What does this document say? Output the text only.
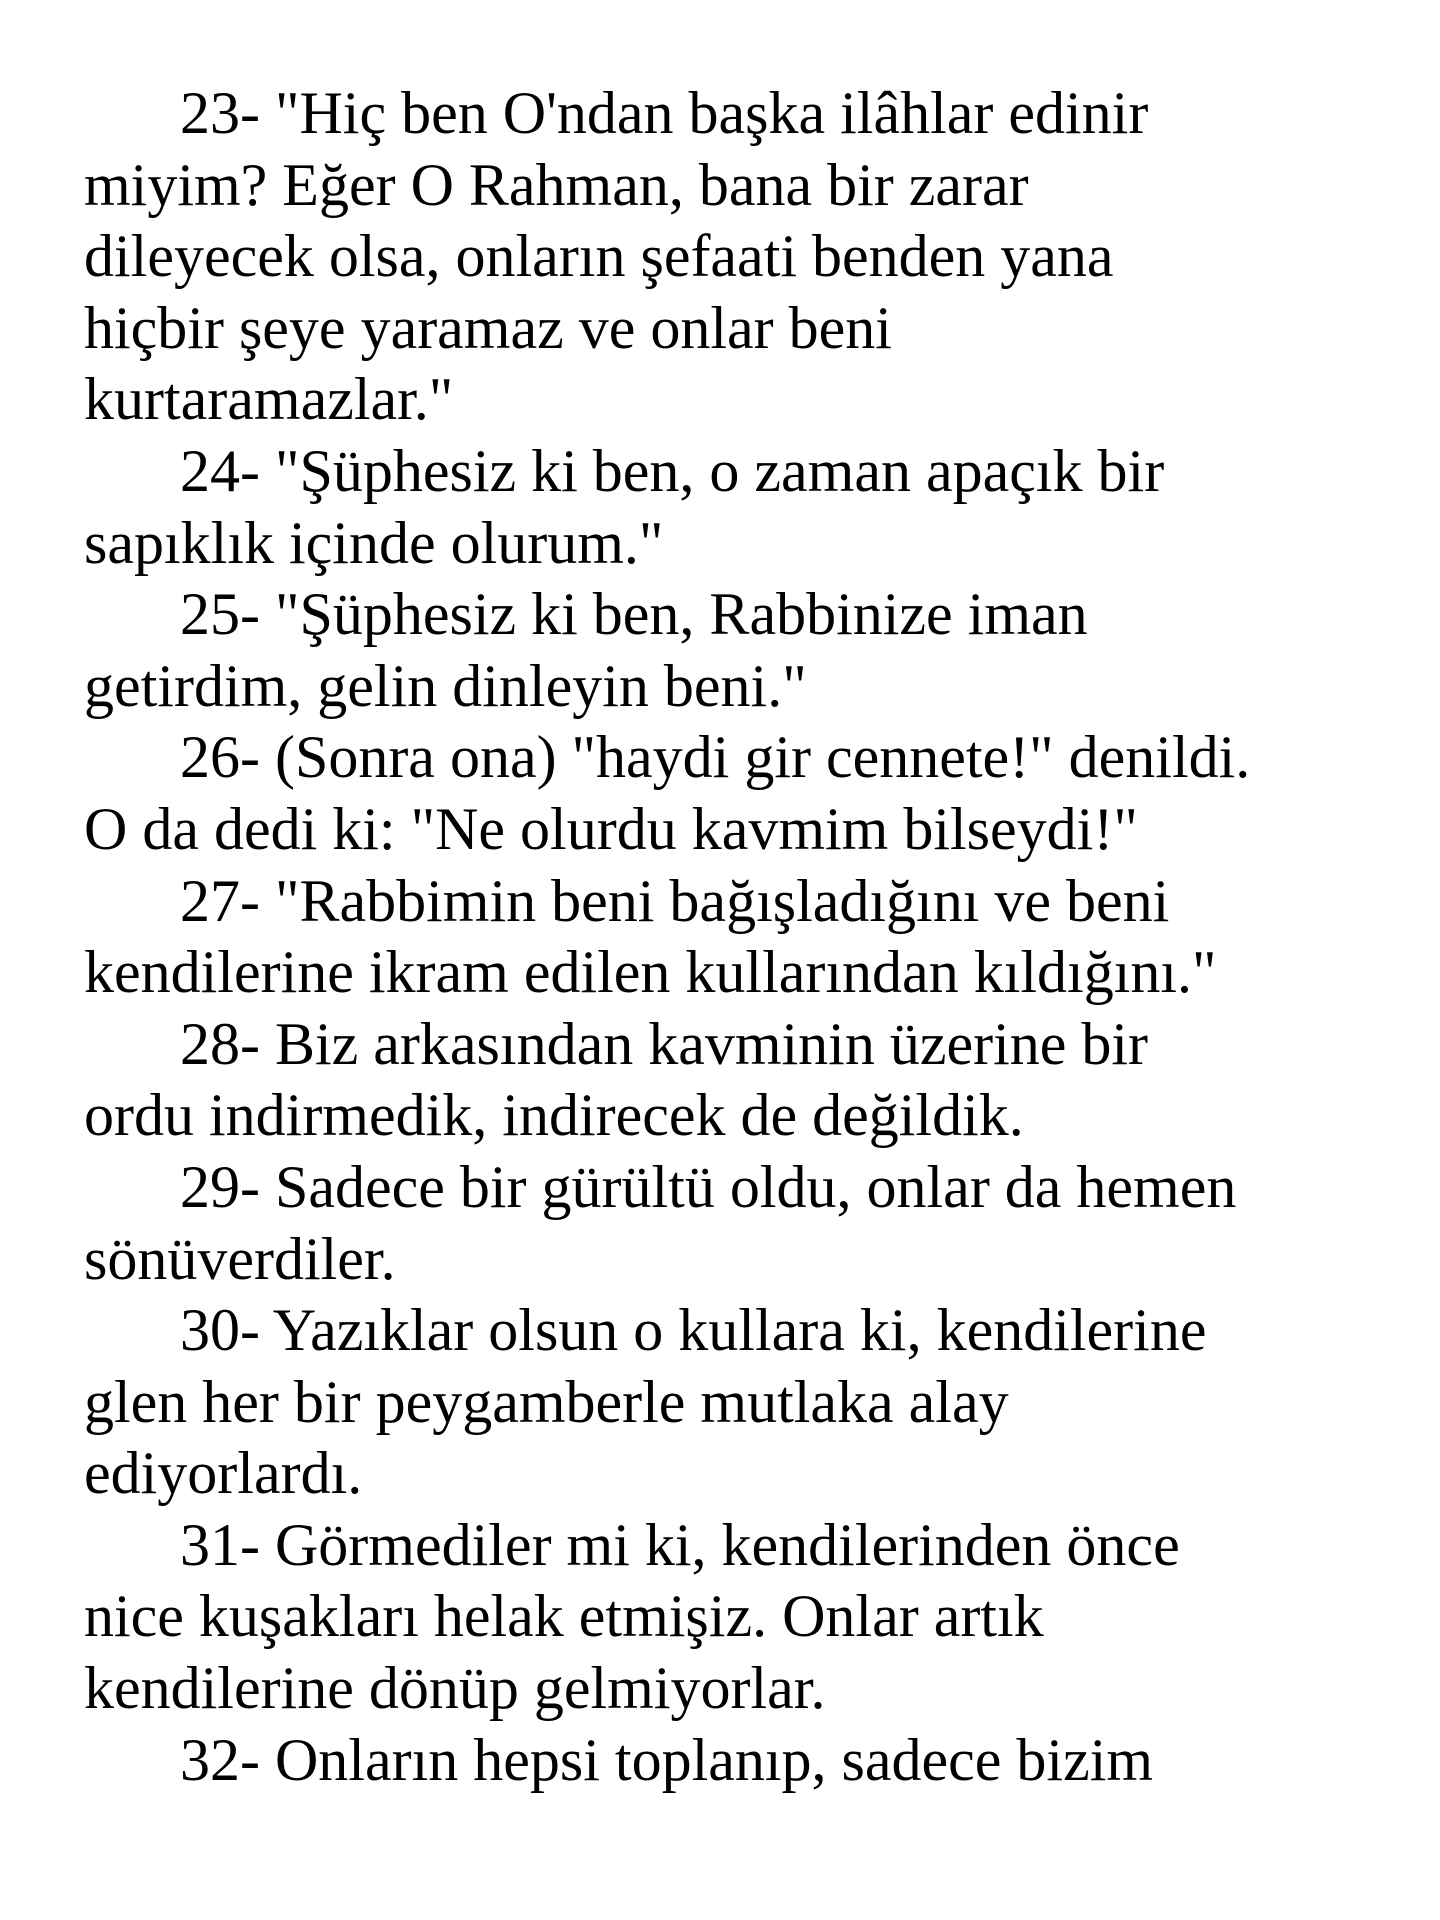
23- "Hiç ben O'ndan başka ilâhlar edinir

miyim? Eğer O Rahman, bana bir zarar

dileyecek olsa, onların şefaati benden yana

hiçbir şeye yaramaz ve onlar beni

kurtaramazlar."

24- "Şüphesiz ki ben, o zaman apaçık bir

sapıklık içinde olurum."

25- "Şüphesiz ki ben, Rabbinize iman

getirdim, gelin dinleyin beni."

26- (Sonra ona) "haydi gir cennete!" denildi.

O da dedi ki: "Ne olurdu kavmim bilseydi!"

27- "Rabbimin beni bağışladığını ve beni

kendilerine ikram edilen kullarından kıldığını."

28- Biz arkasından kavminin üzerine bir

ordu indirmedik, indirecek de değildik.

29- Sadece bir gürültü oldu, onlar da hemen

sönüverdiler.

30- Yazıklar olsun o kullara ki, kendilerine

glen her bir peygamberle mutlaka alay

ediyorlardı.

31- Görmediler mi ki, kendilerinden önce

nice kuşakları helak etmişiz. Onlar artık

kendilerine dönüp gelmiyorlar.

32- Onların hepsi toplanıp, sadece bizim
